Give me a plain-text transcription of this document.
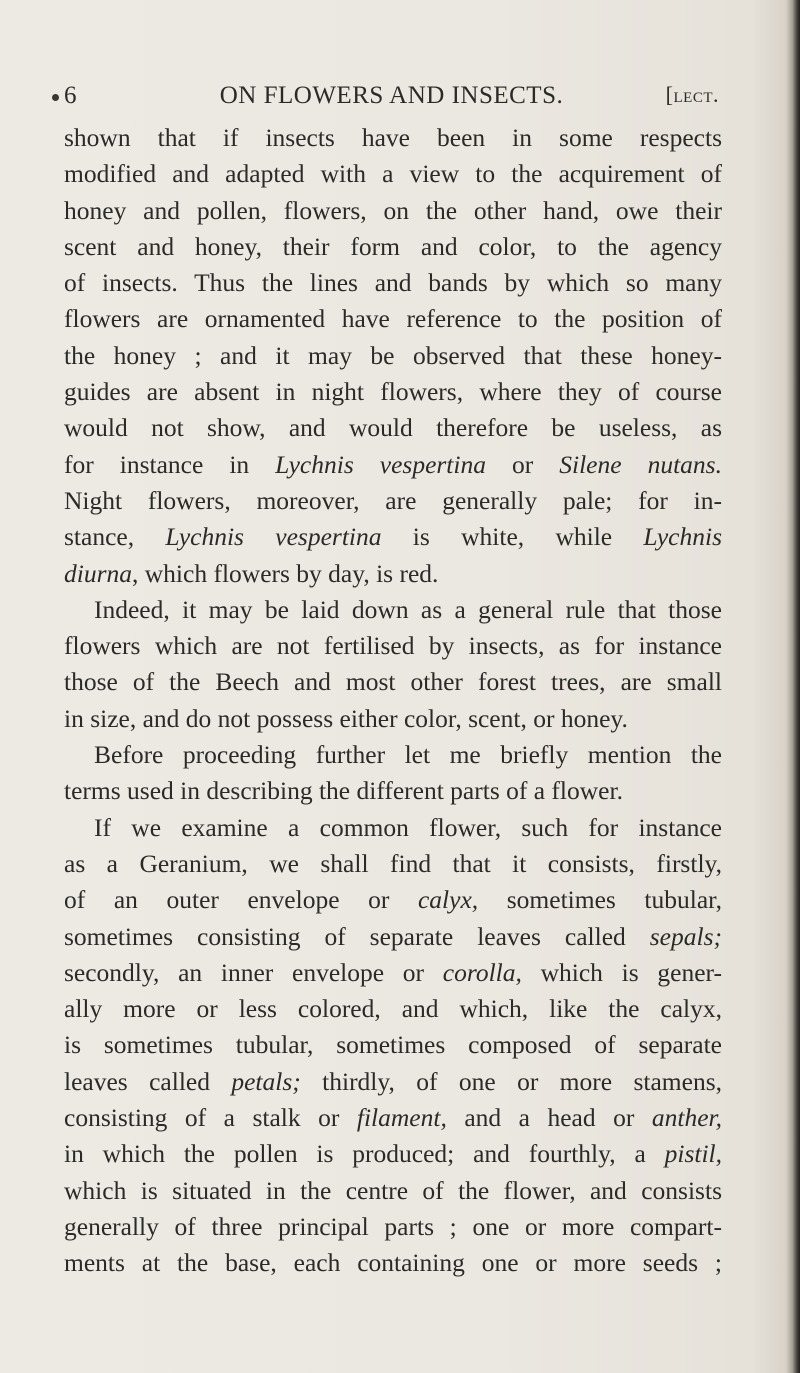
6	ON FLOWERS AND INSECTS.	[lect.
shown that if insects have been in some respects
modified and adapted with a view to the acquirement of
honey and pollen, flowers, on the other hand, owe their
scent and honey, their form and color, to the agency
of insects. Thus the lines and bands by which so many
flowers are ornamented have reference to the position of
the honey ; and it may be observed that these honey-
guides are absent in night flowers, where they of course
would not show, and would therefore be useless, as
for instance in Lychnis vespertina or Silene nutans.
Night flowers, moreover, are generally pale; for in-
stance, Lychnis vespertina is white, while Lychnis
diurna, which flowers by day, is red.
Indeed, it may be laid down as a general rule that those
flowers which are not fertilised by insects, as for instance
those of the Beech and most other forest trees, are small
in size, and do not possess either color, scent, or honey.
Before proceeding further let me briefly mention the
terms used in describing the different parts of a flower.
If we examine a common flower, such for instance
as a Geranium, we shall find that it consists, firstly,
of an outer envelope or calyx, sometimes tubular,
sometimes consisting of separate leaves called sepals;
secondly, an inner envelope or corolla, which is gener-
ally more or less colored, and which, like the calyx,
is sometimes tubular, sometimes composed of separate
leaves called petals; thirdly, of one or more stamens,
consisting of a stalk or filament, and a head or anther,
in which the pollen is produced; and fourthly, a pistil,
which is situated in the centre of the flower, and consists
generally of three principal parts ; one or more compart-
ments at the base, each containing one or more seeds ;
